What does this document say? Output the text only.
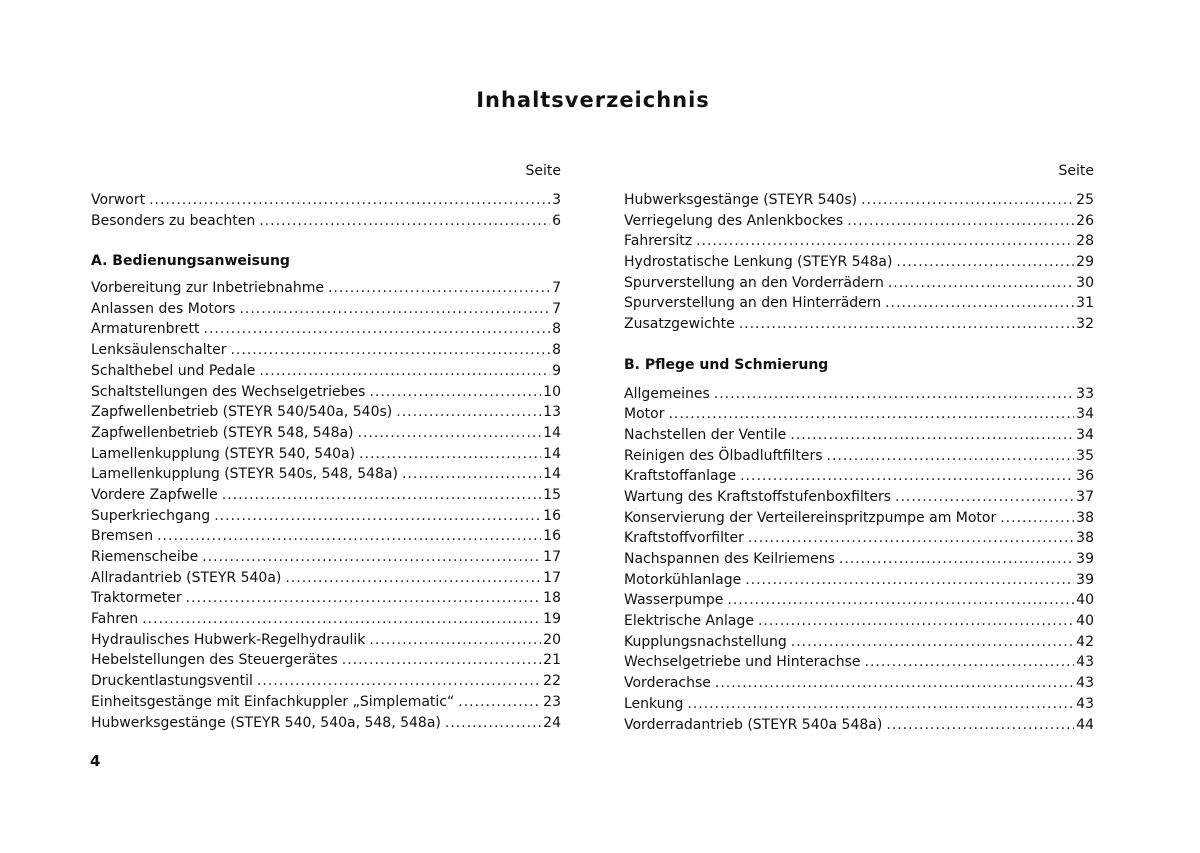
Inhaltsverzeichnis
Seite
Vorwort .....	3
Besonders zu beachten .....	6
A. Bedienungsanweisung
Vorbereitung zur Inbetriebnahme .....	7
Anlassen des Motors .....	7
Armaturenbrett .....	8
Lenksäulenschalter .....	8
Schalthebel und Pedale .....	9
Schaltstellungen des Wechselgetriebes .....	10
Zapfwellenbetrieb (STEYR 540/540a, 540s) .....	13
Zapfwellenbetrieb (STEYR 548, 548a) .....	14
Lamellenkupplung (STEYR 540, 540a) .....	14
Lamellenkupplung (STEYR 540s, 548, 548a) .....	14
Vordere Zapfwelle .....	15
Superkriechgang .....	16
Bremsen .....	16
Riemenscheibe .....	17
Allradantrieb (STEYR 540a) .....	17
Traktormeter .....	18
Fahren .....	19
Hydraulisches Hubwerk-Regelhydraulik .....	20
Hebelstellungen des Steuergerätes .....	21
Druckentlastungsventil .....	22
Einheitsgestänge mit Einfachkuppler „Simplematic“ .....	23
Hubwerksgestänge (STEYR 540, 540a, 548, 548a) .....	24
Seite
Hubwerksgestänge (STEYR 540s) .....	25
Verriegelung des Anlenkbockes .....	26
Fahrersitz .....	28
Hydrostatische Lenkung (STEYR 548a) .....	29
Spurverstellung an den Vorderrädern .....	30
Spurverstellung an den Hinterrädern .....	31
Zusatzgewichte .....	32
B. Pflege und Schmierung
Allgemeines .....	33
Motor .....	34
Nachstellen der Ventile .....	34
Reinigen des Ölbadluftfilters .....	35
Kraftstoffanlage .....	36
Wartung des Kraftstoffstufenboxfilters .....	37
Konservierung der Verteilereinspritzpumpe am Motor .....	38
Kraftstoffvorfilter .....	38
Nachspannen des Keilriemens .....	39
Motorkühlanlage .....	39
Wasserpumpe .....	40
Elektrische Anlage .....	40
Kupplungsnachstellung .....	42
Wechselgetriebe und Hinterachse .....	43
Vorderachse .....	43
Lenkung .....	43
Vorderradantrieb (STEYR 540a 548a) .....	44
4
